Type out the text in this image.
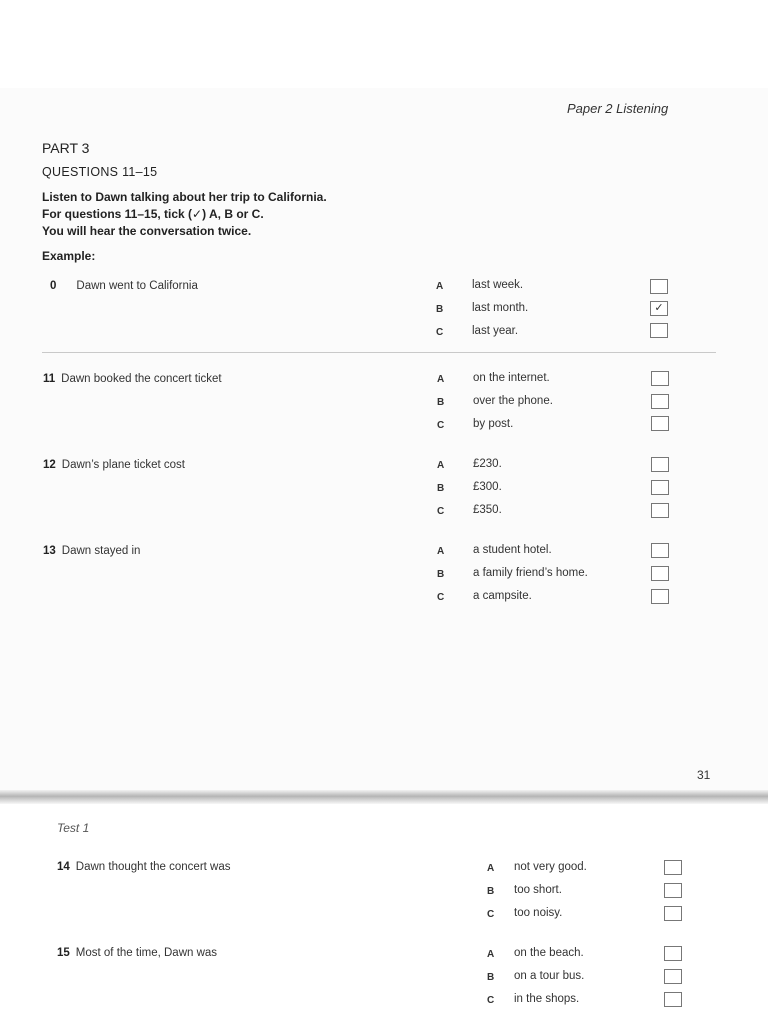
Paper 2 Listening
PART 3
QUESTIONS 11–15
Listen to Dawn talking about her trip to California.
For questions 11–15, tick (✓) A, B or C.
You will hear the conversation twice.
Example:
0 Dawn went to California	A	last week.
B	last month.	✓
C	last year.
11 Dawn booked the concert ticket	A	on the internet.
B	over the phone.
C	by post.
12 Dawn’s plane ticket cost	A	£230.
B	£300.
C	£350.
13 Dawn stayed in	A	a student hotel.
B	a family friend’s home.
C	a campsite.
31
Test 1
14 Dawn thought the concert was	A not very good.
B too short.
C too noisy.
15 Most of the time, Dawn was	A on the beach.
B on a tour bus.
C in the shops.
